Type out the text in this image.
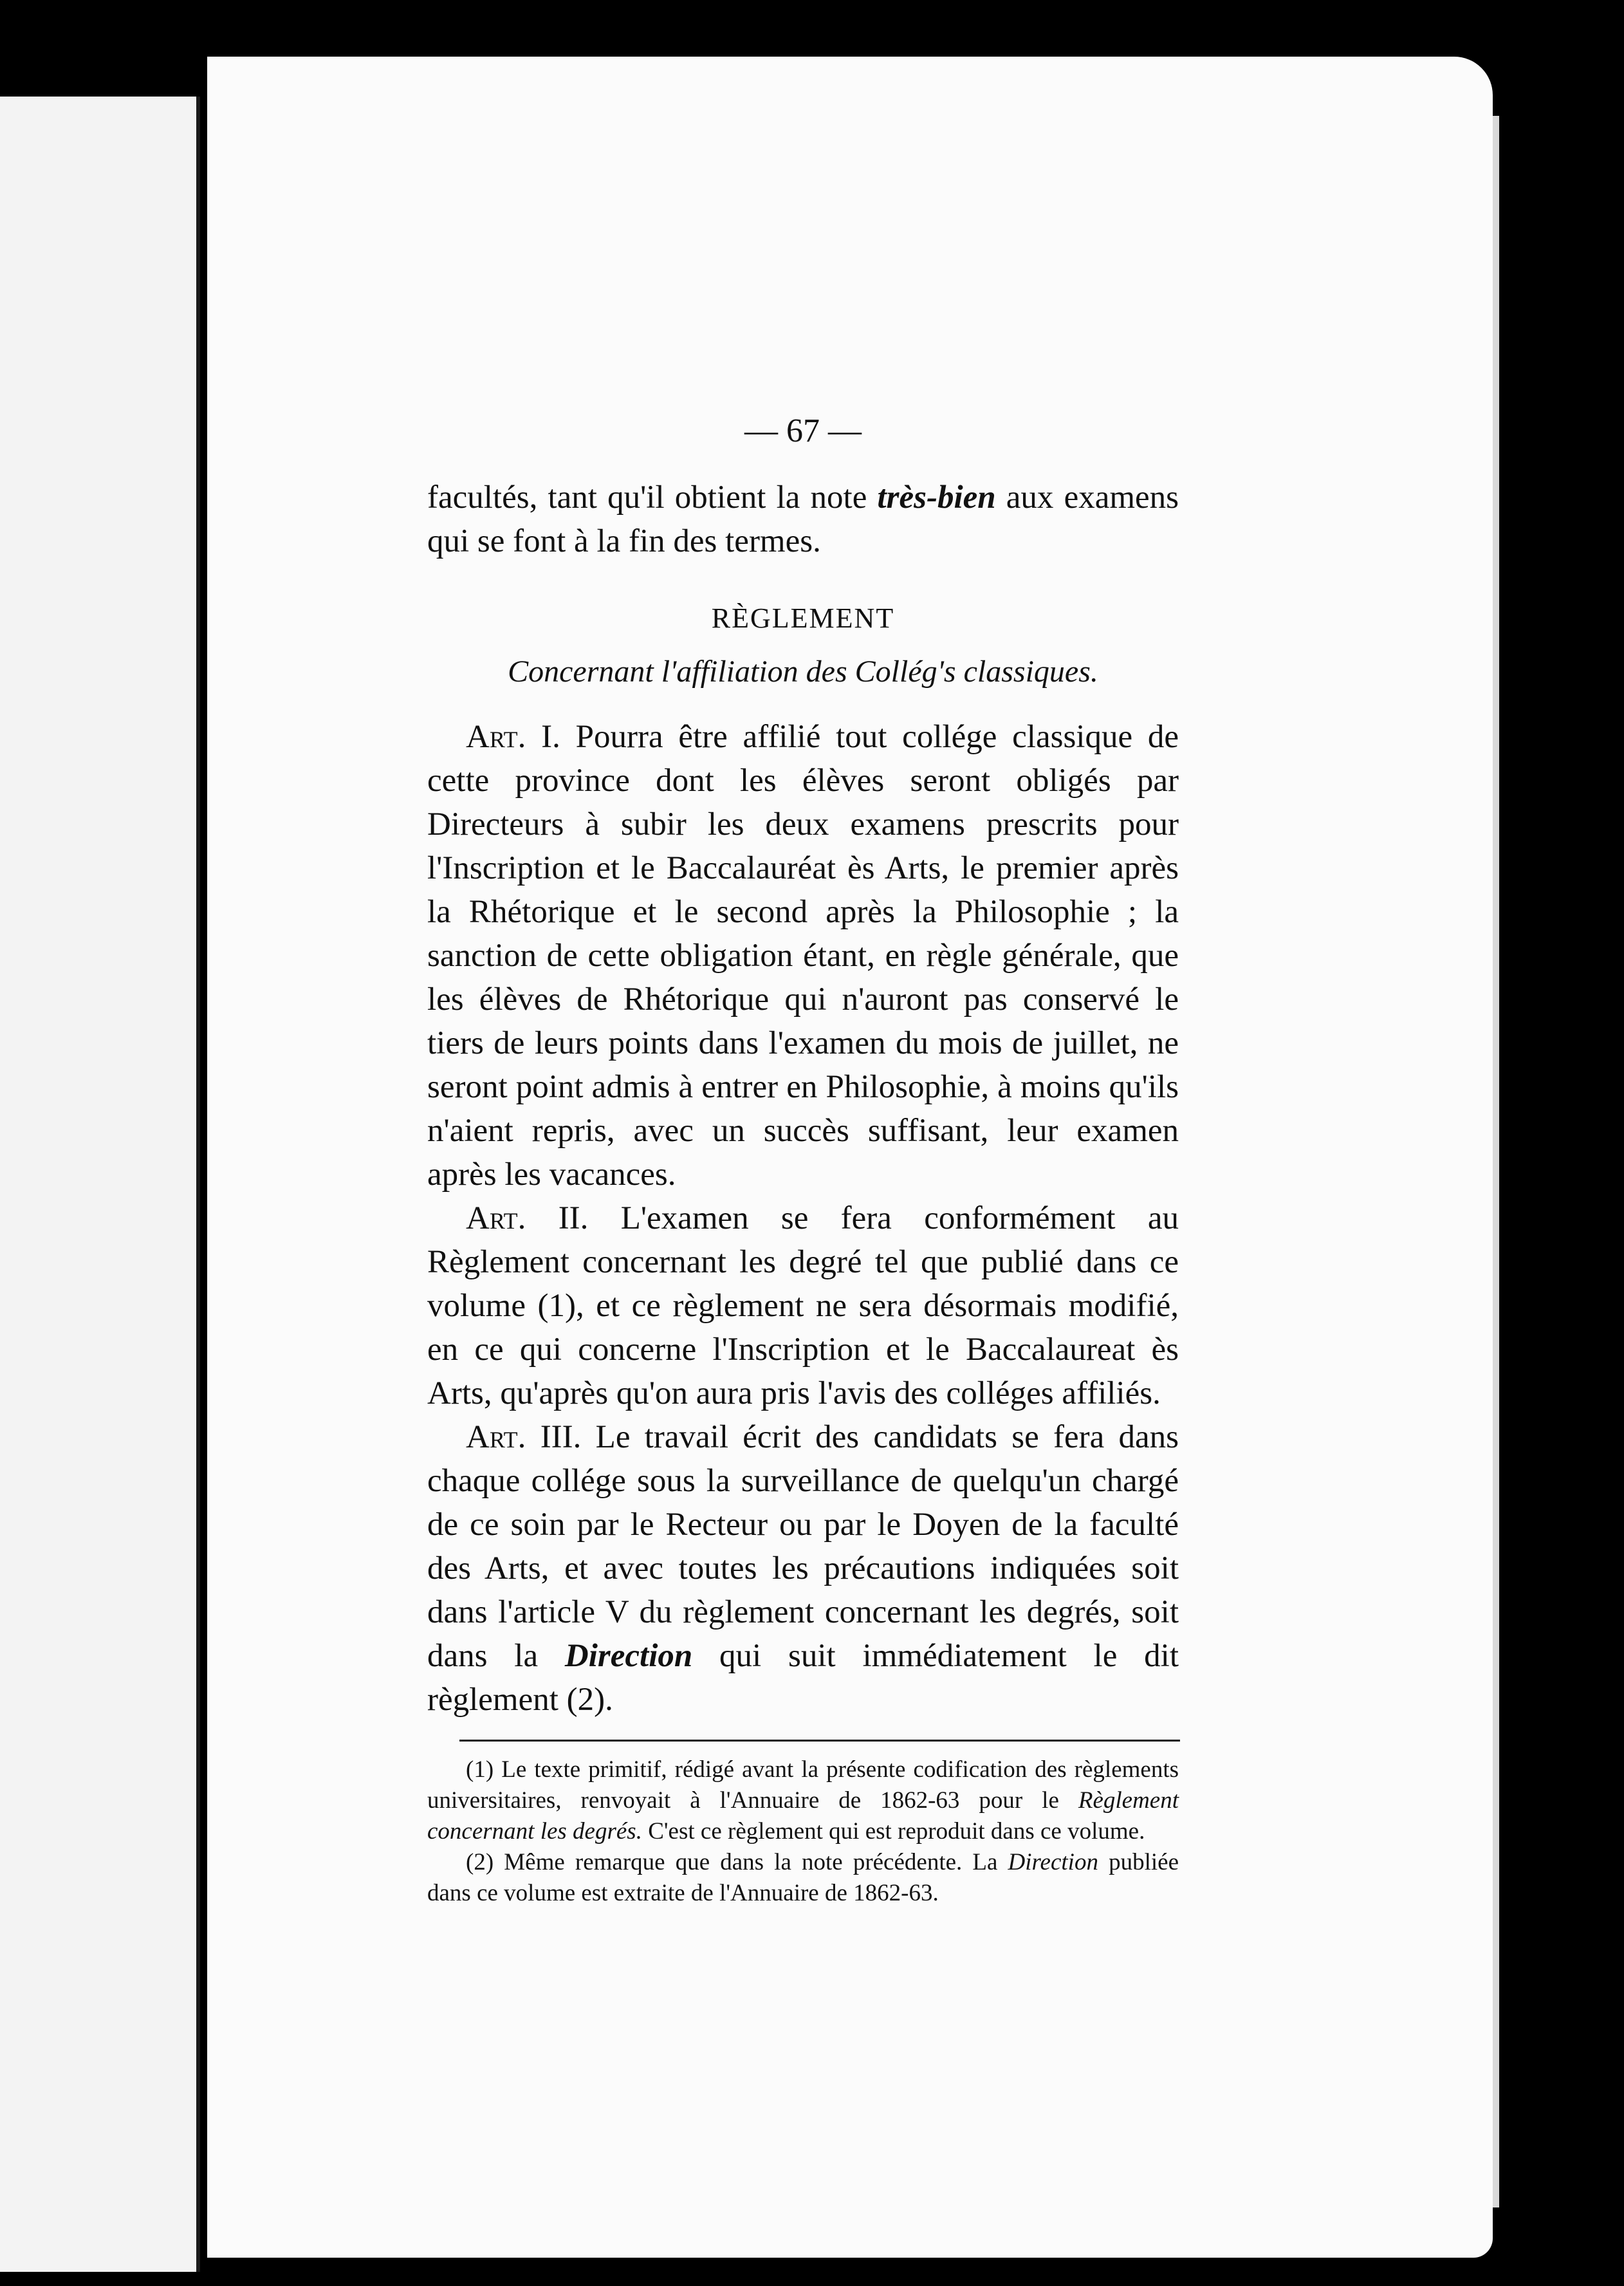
— 67 —

facultés, tant qu'il obtient la note très-bien aux examens qui se font à la fin des termes.

RÈGLEMENT

Concernant l'affiliation des Collég's classiques.

Art. I. Pourra être affilié tout collége classique de cette province dont les élèves seront obligés par Directeurs à subir les deux examens prescrits pour l'Inscription et le Baccalauréat ès Arts, le premier après la Rhétorique et le second après la Philosophie ; la sanction de cette obligation étant, en règle générale, que les élèves de Rhétorique qui n'auront pas conservé le tiers de leurs points dans l'examen du mois de juillet, ne seront point admis à entrer en Philosophie, à moins qu'ils n'aient repris, avec un succès suffisant, leur examen après les vacances.

Art. II. L'examen se fera conformément au Règlement concernant les degré tel que publié dans ce volume (1), et ce règlement ne sera désormais modifié, en ce qui concerne l'Inscription et le Baccalaureat ès Arts, qu'après qu'on aura pris l'avis des colléges affiliés.

Art. III. Le travail écrit des candidats se fera dans chaque collége sous la surveillance de quelqu'un chargé de ce soin par le Recteur ou par le Doyen de la faculté des Arts, et avec toutes les précautions indiquées soit dans l'article V du règlement concernant les degrés, soit dans la Direction qui suit immédiatement le dit règlement (2).

(1) Le texte primitif, rédigé avant la présente codification des règlements universitaires, renvoyait à l'Annuaire de 1862-63 pour le Règlement concernant les degrés. C'est ce règlement qui est reproduit dans ce volume.

(2) Même remarque que dans la note précédente. La Direction publiée dans ce volume est extraite de l'Annuaire de 1862-63.
